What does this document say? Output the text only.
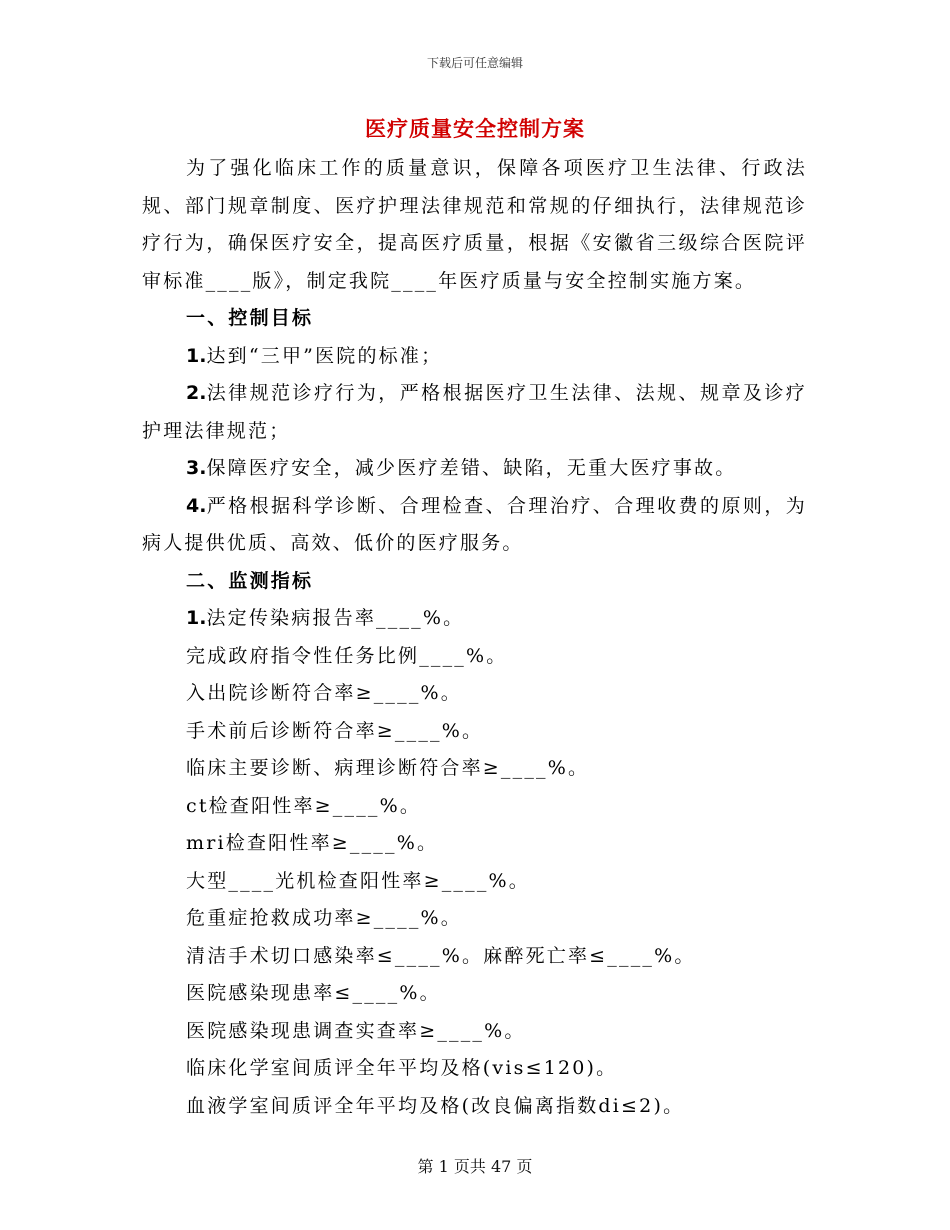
下载后可任意编辑
医疗质量安全控制方案

为了强化临床工作的质量意识，保障各项医疗卫生法律、行政法规、部门规章制度、医疗护理法律规范和常规的仔细执行，法律规范诊疗行为，确保医疗安全，提高医疗质量，根据《安徽省三级综合医院评审标准____版》，制定我院____年医疗质量与安全控制实施方案。

一、控制目标

1.达到“三甲”医院的标准；

2.法律规范诊疗行为，严格根据医疗卫生法律、法规、规章及诊疗护理法律规范；

3.保障医疗安全，减少医疗差错、缺陷，无重大医疗事故。

4.严格根据科学诊断、合理检查、合理治疗、合理收费的原则，为病人提供优质、高效、低价的医疗服务。

二、监测指标

1.法定传染病报告率____%。

完成政府指令性任务比例____%。

入出院诊断符合率≥____%。

手术前后诊断符合率≥____%。

临床主要诊断、病理诊断符合率≥____%。

ct检查阳性率≥____%。

mri检查阳性率≥____%。

大型____光机检查阳性率≥____%。

危重症抢救成功率≥____%。

清洁手术切口感染率≤____%。麻醉死亡率≤____%。

医院感染现患率≤____%。

医院感染现患调查实查率≥____%。

临床化学室间质评全年平均及格(vis≤120)。

血液学室间质评全年平均及格(改良偏离指数di≤2)。

第 1 页共 47 页
